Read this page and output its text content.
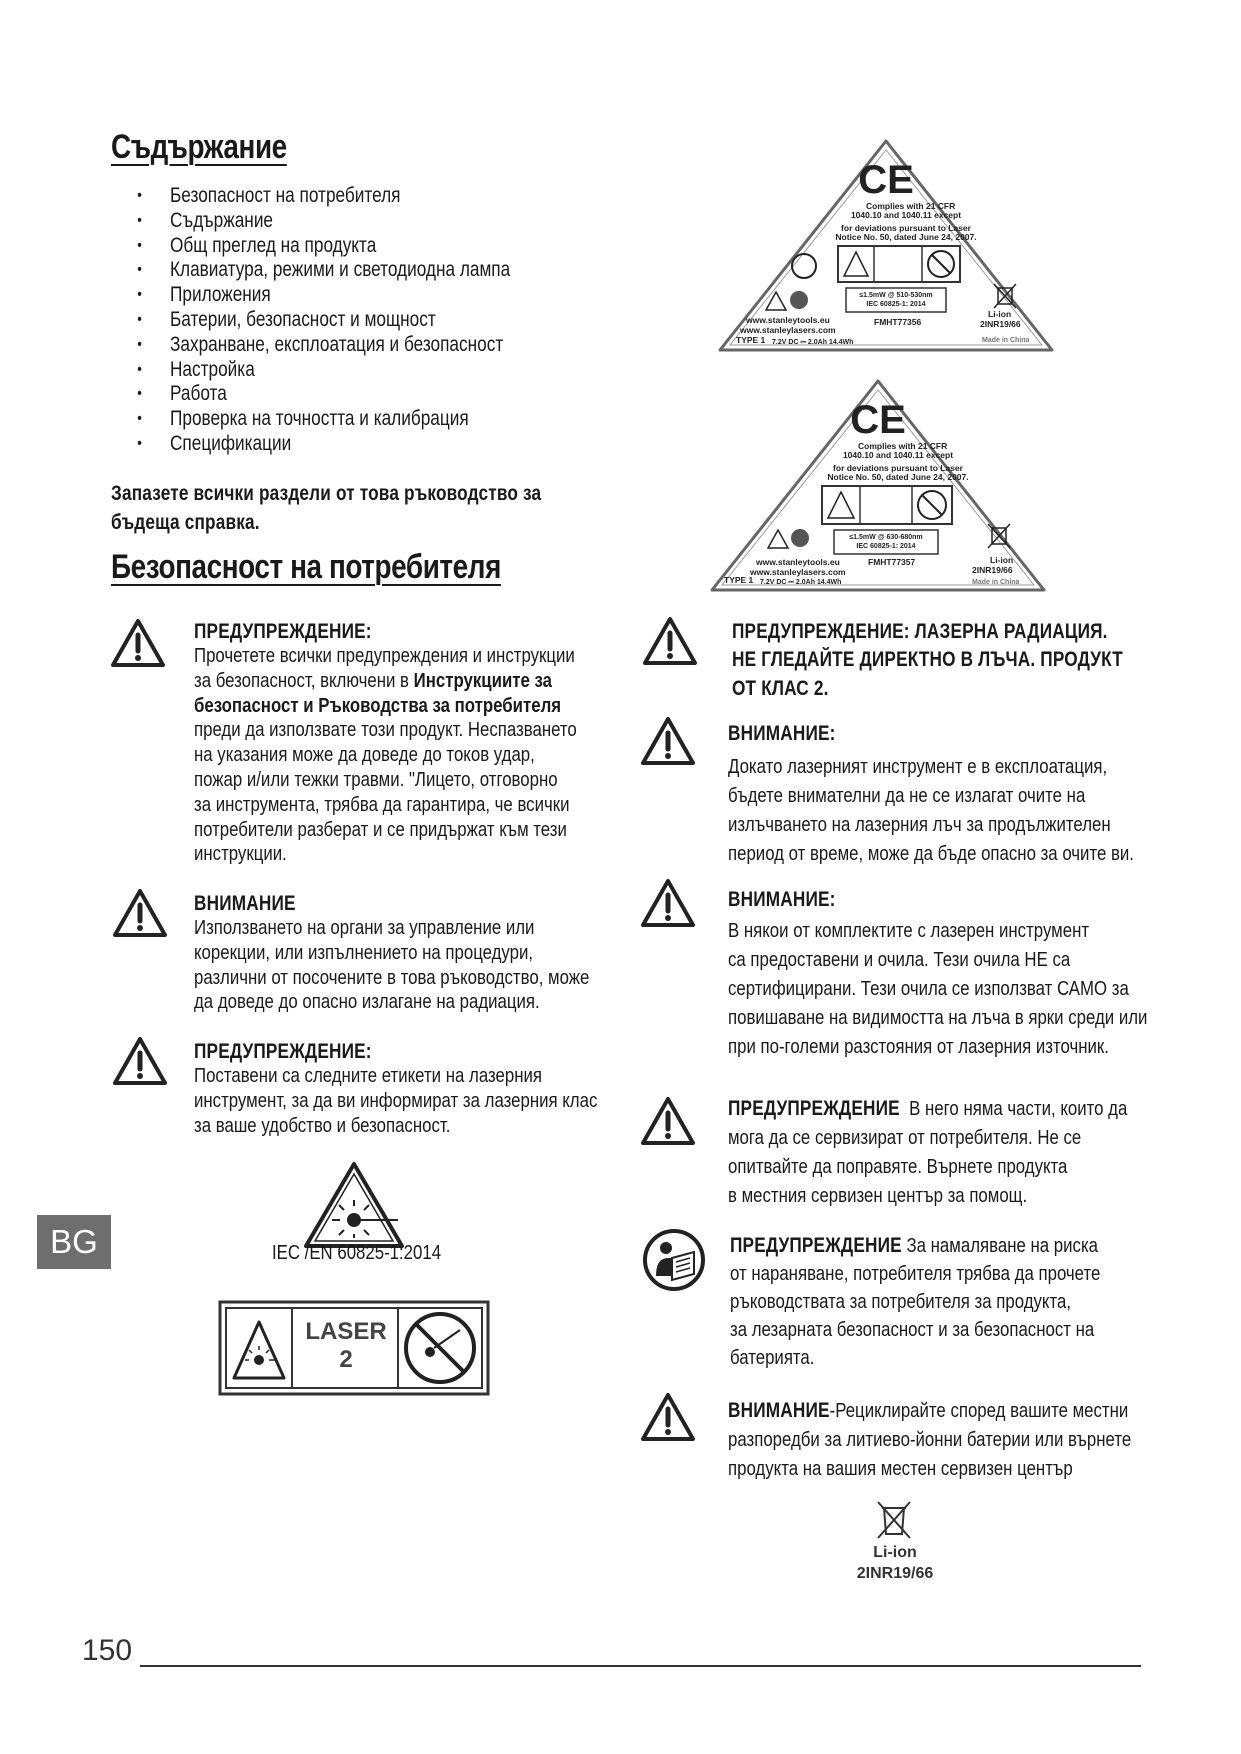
Съдържание
• Безопасност на потребителя
• Съдържание
• Общ преглед на продукта
• Клавиатура, режими и светодиодна лампа
• Приложения
• Батерии, безопасност и мощност
• Захранване, експлоатация и безопасност
• Настройка
• Работа
• Проверка на точността и калибрация
• Спецификации
Запазете всички раздели от това ръководство за
бъдеща справка.
Безопасност на потребителя
ПРЕДУПРЕЖДЕНИЕ:
Прочетете всички предупреждения и инструкции
за безопасност, включени в Инструкциите за
безопасност и Ръководства за потребителя
преди да използвате този продукт. Неспазването
на указания може да доведе до токов удар,
пожар и/или тежки травми. "Лицето, отговорно
за инструмента, трябва да гарантира, че всички
потребители разберат и се придържат към тези
инструкции.
ВНИМАНИЕ
Използването на органи за управление или
корекции, или изпълнението на процедури,
различни от посочените в това ръководство, може
да доведе до опасно излагане на радиация.
ПРЕДУПРЕЖДЕНИЕ:
Поставени са следните етикети на лазерния
инструмент, за да ви информират за лазерния клас
за ваше удобство и безопасност.
IEC /EN 60825-1:2014
LASER
2
CE
Complies with 21 CFR
1040.10 and 1040.11 except
for deviations pursuant to Laser
Notice No. 50, dated June 24, 2007.
≤1.5mW @ 510-530nm
IEC 60825-1: 2014
www.stanleytools.eu
www.stanleylasers.com
FMHT77356
TYPE 1 7.2V DC ⎓ 2.0Ah 14.4Wh
Li-ion
2INR19/66
Made in China
CE
Complies with 21 CFR
1040.10 and 1040.11 except
for deviations pursuant to Laser
Notice No. 50, dated June 24, 2007.
≤1.5mW @ 630-680nm
IEC 60825-1: 2014
www.stanleytools.eu
www.stanleylasers.com
FMHT77357
TYPE 1 7.2V DC ⎓ 2.0Ah 14.4Wh
Li-ion
2INR19/66
Made in China
ПРЕДУПРЕЖДЕНИЕ: ЛАЗЕРНА РАДИАЦИЯ.
НЕ ГЛЕДАЙТЕ ДИРЕКТНО В ЛЪЧА. ПРОДУКТ
ОТ КЛАС 2.
ВНИМАНИЕ:
Докато лазерният инструмент е в експлоатация,
бъдете внимателни да не се излагат очите на
излъчването на лазерния лъч за продължителен
период от време, може да бъде опасно за очите ви.
ВНИМАНИЕ:
В някои от комплектите с лазерен инструмент
са предоставени и очила. Тези очила НЕ са
сертифицирани. Тези очила се използват САМО за
повишаване на видимостта на лъча в ярки среди или
при по-големи разстояния от лазерния източник.
ПРЕДУПРЕЖДЕНИЕ В него няма части, които да
мога да се сервизират от потребителя. Не се
опитвайте да поправяте. Върнете продукта
в местния сервизен център за помощ.
ПРЕДУПРЕЖДЕНИЕ За намаляване на риска
от нараняване, потребителя трябва да прочете
ръководствата за потребителя за продукта,
за лезарната безопасност и за безопасност на
батерията.
ВНИМАНИЕ-Рециклирайте според вашите местни
разпоредби за литиево-йонни батерии или върнете
продукта на вашия местен сервизен център
Li-ion
2INR19/66
BG
150
